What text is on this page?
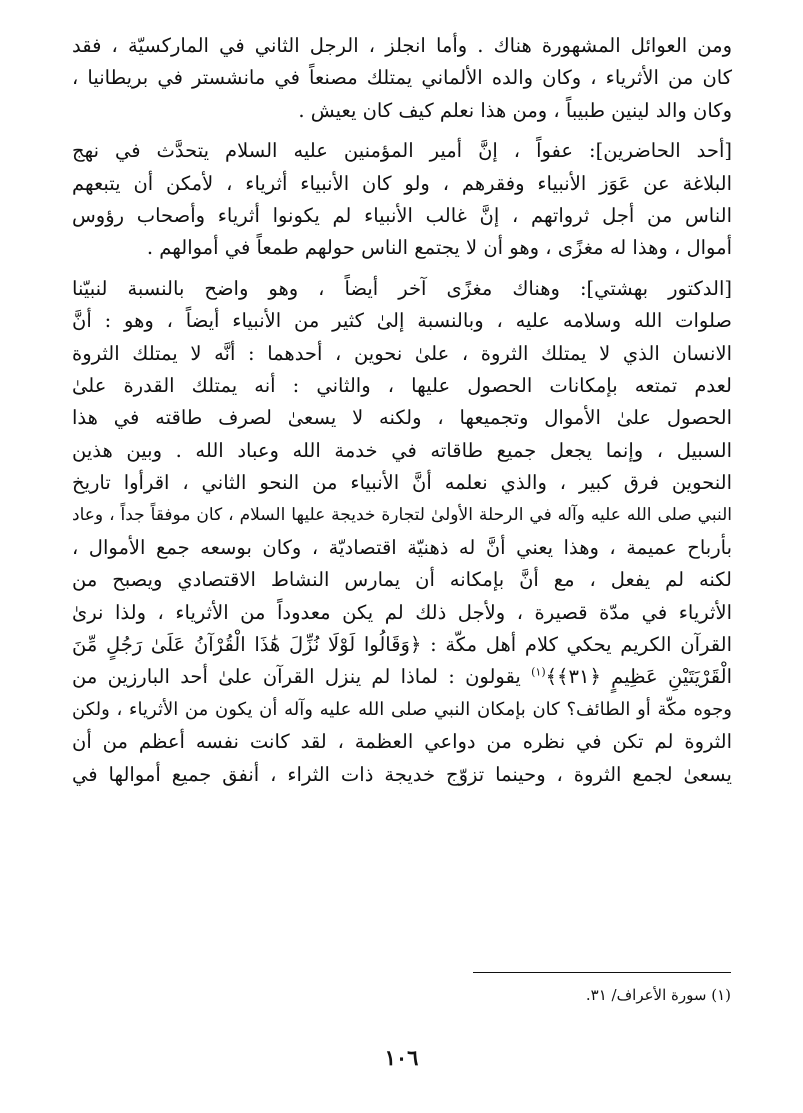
ومن العوائل المشهورة هناك . وأما انجلز ، الرجل الثاني في الماركسيّة ، فقد
كان من الأثرياء ، وكان والده الألماني يمتلك مصنعاً في مانشستر في بريطانيا ،
وكان والد لينين طبيباً ، ومن هذا نعلم كيف كان يعيش .
[أحد الحاضرين]: عفواً ، إنَّ أمير المؤمنين عليه السلام يتحدَّث في نهج
البلاغة عن عَوَز الأنبياء وفقرهم ، ولو كان الأنبياء أثرياء ، لأمكن أن يتبعهم
الناس من أجل ثرواتهم ، إنَّ غالب الأنبياء لم يكونوا أثرياء وأصحاب رؤوس
أموال ، وهذا له مغزًى ، وهو أن لا يجتمع الناس حولهم طمعاً في أموالهم .
[الدكتور بهشتي]: وهناك مغزًى آخر أيضاً ، وهو واضح بالنسبة لنبيّنا
صلوات الله وسلامه عليه ، وبالنسبة إلىٰ كثير من الأنبياء أيضاً ، وهو : أنَّ
الانسان الذي لا يمتلك الثروة ، علىٰ نحوين ، أحدهما : أنَّه لا يمتلك الثروة
لعدم تمتعه بإمكانات الحصول عليها ، والثاني : أنه يمتلك القدرة علىٰ
الحصول علىٰ الأموال وتجميعها ، ولكنه لا يسعىٰ لصرف طاقته في هذا
السبيل ، وإنما يجعل جميع طاقاته في خدمة الله وعباد الله . وبين هذين
النحوين فرق كبير ، والذي نعلمه أنَّ الأنبياء من النحو الثاني ، اقرأوا تاريخ
النبي صلى الله عليه وآله في الرحلة الأولىٰ لتجارة خديجة عليها السلام ، كان موفقاً جداً ، وعاد
بأرباح عميمة ، وهذا يعني أنَّ له ذهنيّة اقتصاديّة ، وكان بوسعه جمع الأموال ،
لكنه لم يفعل ، مع أنَّ بإمكانه أن يمارس النشاط الاقتصادي ويصبح من
الأثرياء في مدّة قصيرة ، ولأجل ذلك لم يكن معدوداً من الأثرياء ، ولذا نرىٰ
القرآن الكريم يحكي كلام أهل مكّة : ﴿وَقَالُوا لَوْلَا نُزِّلَ هَٰذَا الْقُرْآنُ عَلَىٰ رَجُلٍ مِّنَ
الْقَرْيَتَيْنِ عَظِيمٍ ﴿٣١﴾﴾$^{(١)}$ يقولون : لماذا لم ينزل القرآن علىٰ أحد البارزين من
وجوه مكّة أو الطائف؟ كان بإمكان النبي صلى الله عليه وآله أن يكون من الأثرياء ، ولكن
الثروة لم تكن في نظره من دواعي العظمة ، لقد كانت نفسه أعظم من أن
يسعىٰ لجمع الثروة ، وحينما تزوّج خديجة ذات الثراء ، أنفق جميع أموالها في
(١) سورة الأعراف/ ٣١.
١٠٦
